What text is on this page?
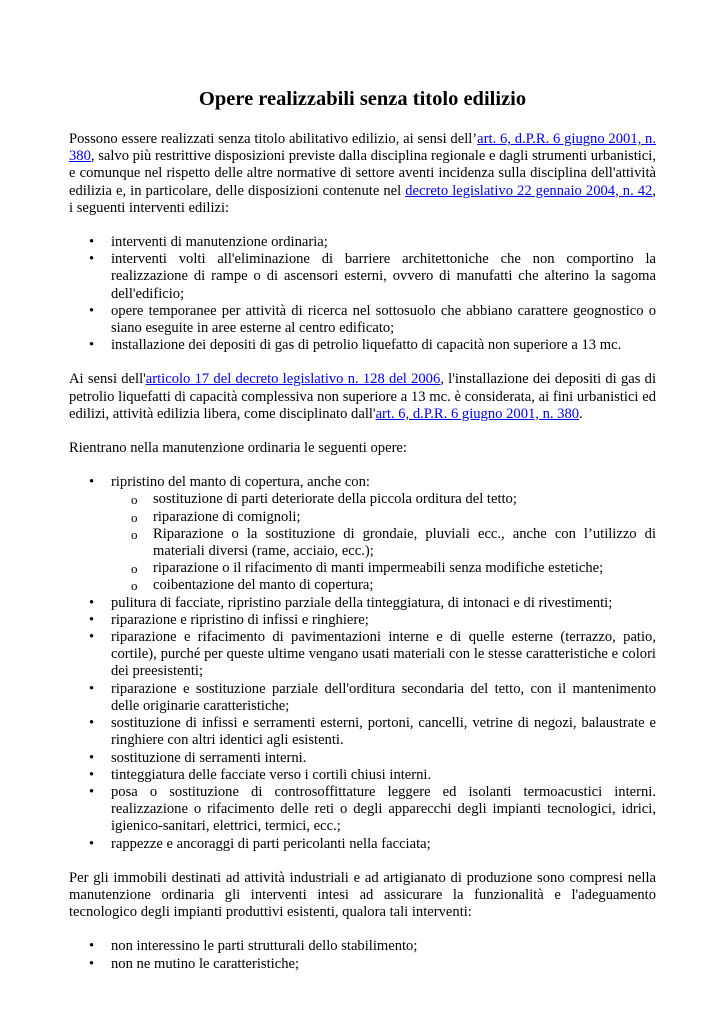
Opere realizzabili senza titolo edilizio

Possono essere realizzati senza titolo abilitativo edilizio, ai sensi dell’art. 6, d.P.R. 6 giugno 2001, n. 380, salvo più restrittive disposizioni previste dalla disciplina regionale e dagli strumenti urbanistici, e comunque nel rispetto delle altre normative di settore aventi incidenza sulla disciplina dell'attività edilizia e, in particolare, delle disposizioni contenute nel decreto legislativo 22 gennaio 2004, n. 42, i seguenti interventi edilizi:

• interventi di manutenzione ordinaria;
• interventi volti all'eliminazione di barriere architettoniche che non comportino la realizzazione di rampe o di ascensori esterni, ovvero di manufatti che alterino la sagoma dell'edificio;
• opere temporanee per attività di ricerca nel sottosuolo che abbiano carattere geognostico o siano eseguite in aree esterne al centro edificato;
• installazione dei depositi di gas di petrolio liquefatto di capacità non superiore a 13 mc.

Ai sensi dell'articolo 17 del decreto legislativo n. 128 del 2006, l'installazione dei depositi di gas di petrolio liquefatti di capacità complessiva non superiore a 13 mc. è considerata, ai fini urbanistici ed edilizi, attività edilizia libera, come disciplinato dall'art. 6, d.P.R. 6 giugno 2001, n. 380.

Rientrano nella manutenzione ordinaria le seguenti opere:

• ripristino del manto di copertura, anche con:
o sostituzione di parti deteriorate della piccola orditura del tetto;
o riparazione di comignoli;
o Riparazione o la sostituzione di grondaie, pluviali ecc., anche con l’utilizzo di materiali diversi (rame, acciaio, ecc.);
o riparazione o il rifacimento di manti impermeabili senza modifiche estetiche;
o coibentazione del manto di copertura;
• pulitura di facciate, ripristino parziale della tinteggiatura, di intonaci e di rivestimenti;
• riparazione e ripristino di infissi e ringhiere;
• riparazione e rifacimento di pavimentazioni interne e di quelle esterne (terrazzo, patio, cortile), purché per queste ultime vengano usati materiali con le stesse caratteristiche e colori dei preesistenti;
• riparazione e sostituzione parziale dell'orditura secondaria del tetto, con il mantenimento delle originarie caratteristiche;
• sostituzione di infissi e serramenti esterni, portoni, cancelli, vetrine di negozi, balaustrate e ringhiere con altri identici agli esistenti.
• sostituzione di serramenti interni.
• tinteggiatura delle facciate verso i cortili chiusi interni.
• posa o sostituzione di controsoffittature leggere ed isolanti termoacustici interni. realizzazione o rifacimento delle reti o degli apparecchi degli impianti tecnologici, idrici, igienico-sanitari, elettrici, termici, ecc.;
• rappezze e ancoraggi di parti pericolanti nella facciata;

Per gli immobili destinati ad attività industriali e ad artigianato di produzione sono compresi nella manutenzione ordinaria gli interventi intesi ad assicurare la funzionalità e l'adeguamento tecnologico degli impianti produttivi esistenti, qualora tali interventi:

• non interessino le parti strutturali dello stabilimento;
• non ne mutino le caratteristiche;
